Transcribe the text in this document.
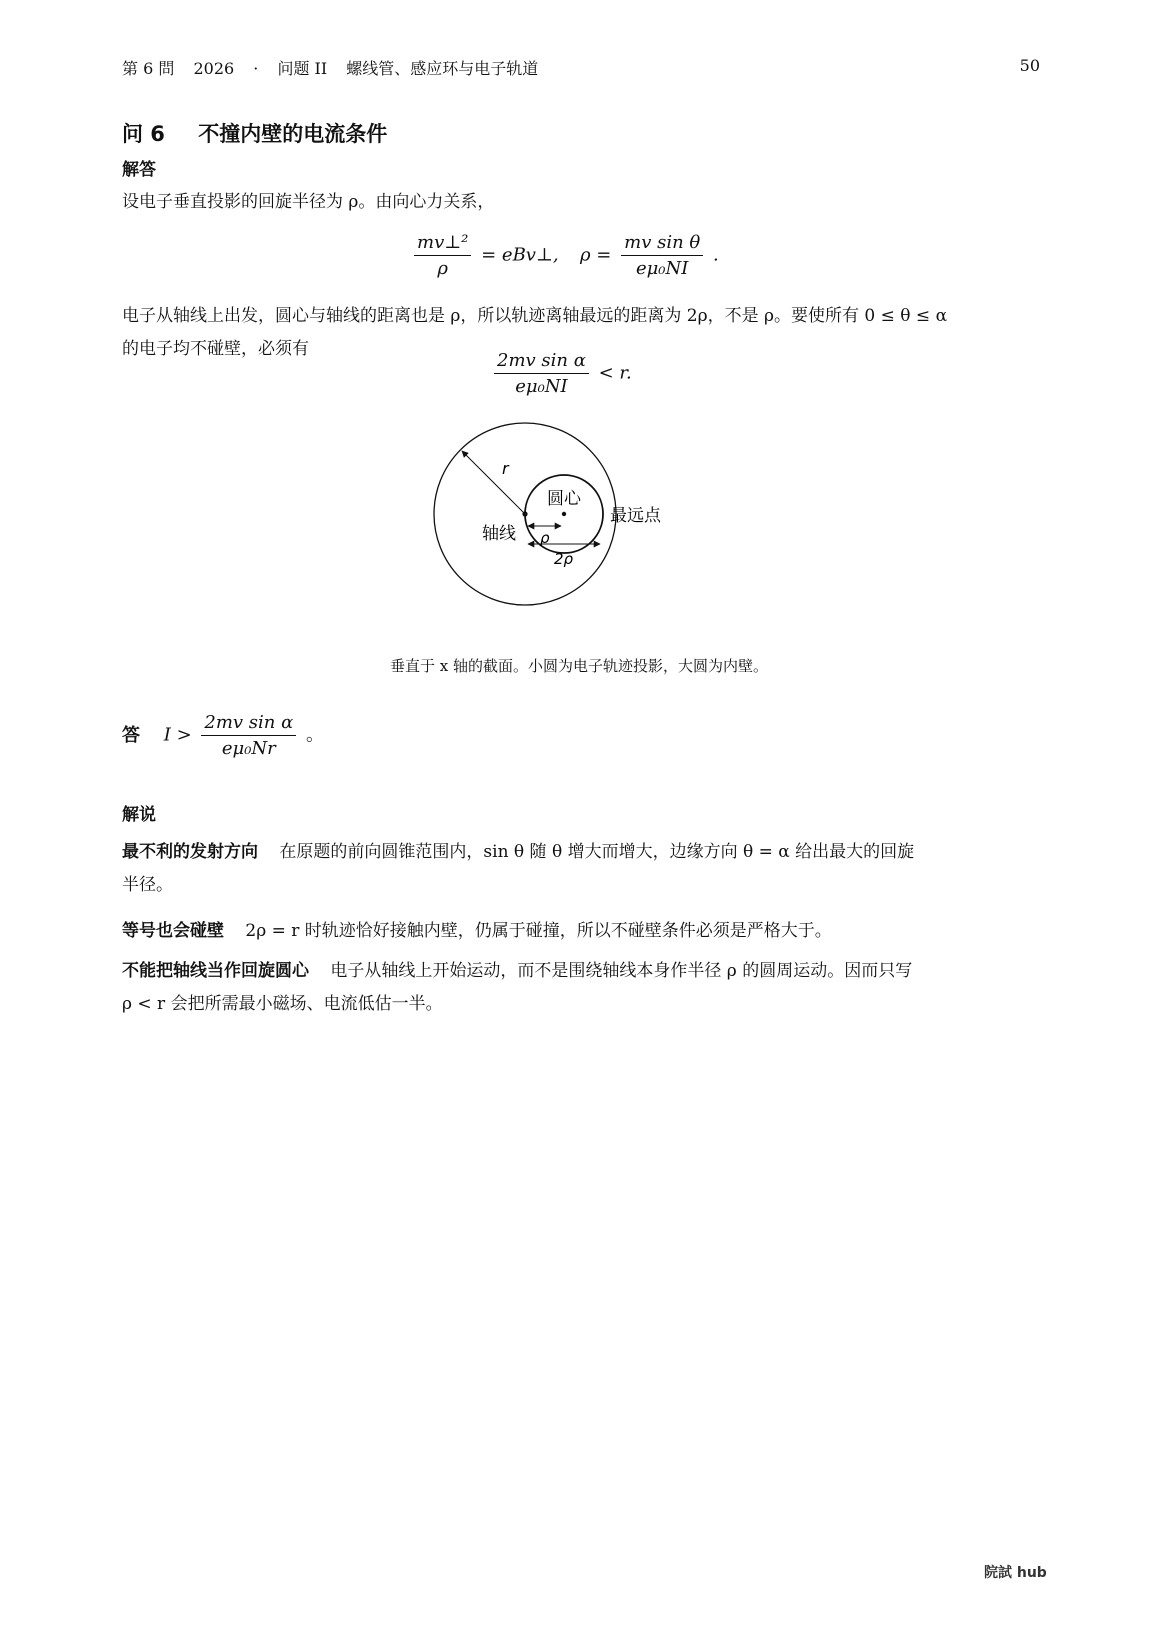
第 6 問 2026 · 问题 II 螺线管、感应环与电子轨道	50
问 6 不撞内壁的电流条件
解答
设电子垂直投影的回旋半径为 ρ。由向心力关系，
$\frac{\text{mv⊥²}}{\rho}$ = eBv⊥, $\rho = \frac{\text{mv sin θ}}{\text{eμ₀NI}}$ .
电子从轴线上出发，圆心与轴线的距离也是 ρ，所以轨迹离轴最远的距离为 2ρ，不是 ρ。要使所有 0 ≤ θ ≤ α
的电子均不碰壁，必须有
$\frac{\text{2mv sin α}}{\text{eμ₀NI}} < r$.
r
圆心
最远点
轴线 ρ
2ρ
垂直于 x 轴的截面。小圆为电子轨迹投影，大圆为内壁。
答 $I > \frac{\text{2mv sin α}}{\text{eμ₀Nr}}$ 。
解说
最不利的发射方向 在原题的前向圆锥范围内，sin θ 随 θ 增大而增大，边缘方向 θ = α 给出最大的回旋
半径。
等号也会碰壁 2ρ = r 时轨迹恰好接触内壁，仍属于碰撞，所以不碰壁条件必须是严格大于。
不能把轴线当作回旋圆心 电子从轴线上开始运动，而不是围绕轴线本身作半径 ρ 的圆周运动。因而只写
ρ < r 会把所需最小磁场、电流低估一半。
院試 hub
